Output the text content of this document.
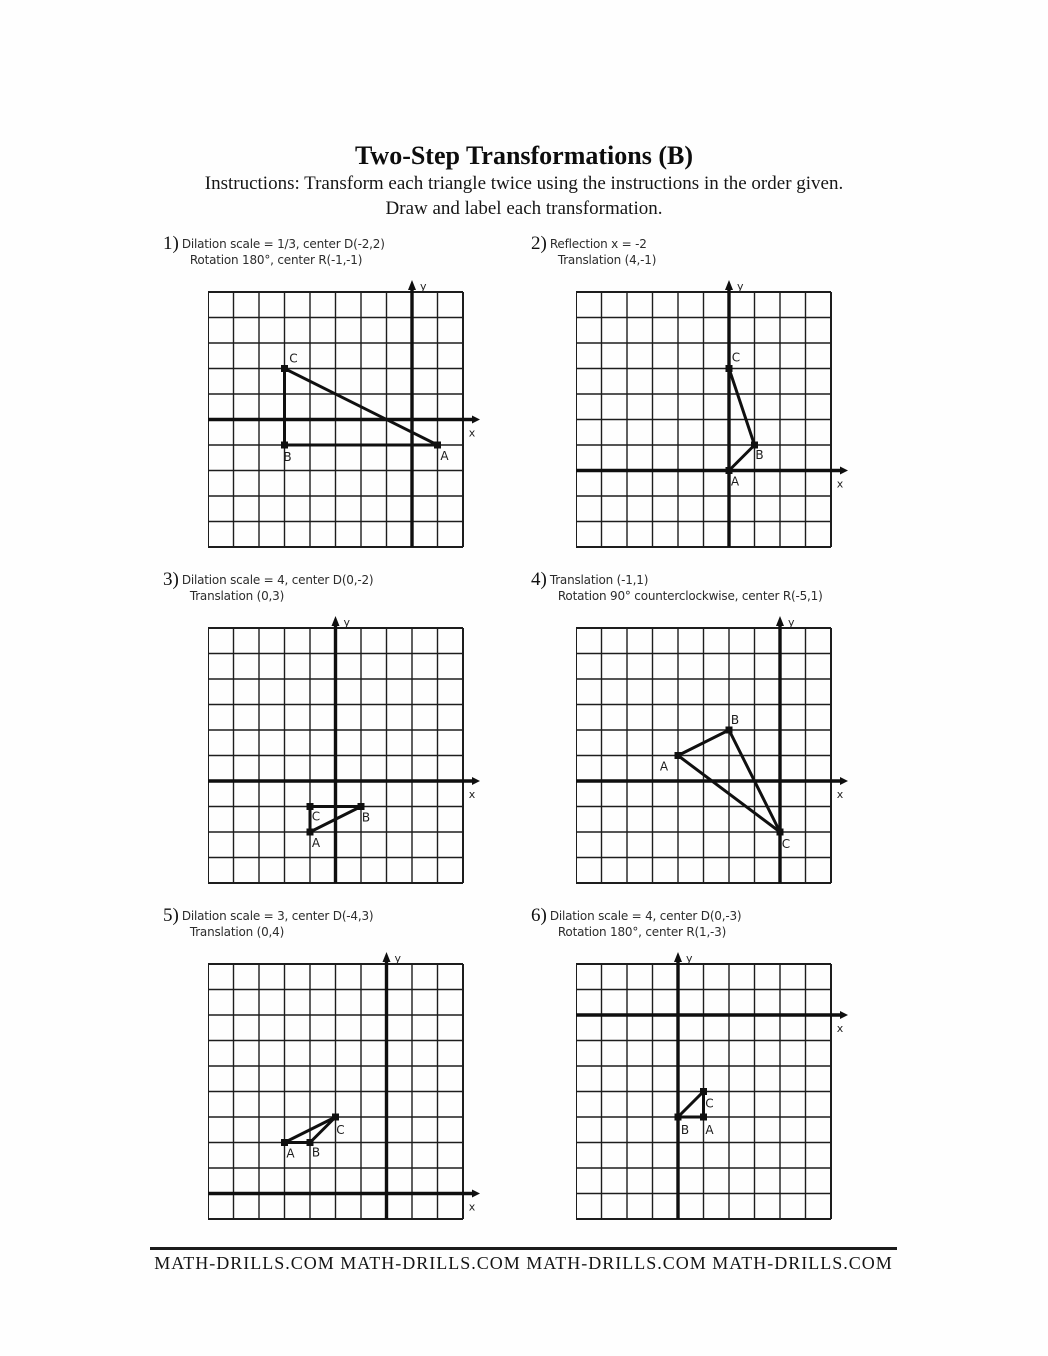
Two-Step Transformations (B)
Instructions: Transform each triangle twice using the instructions in the order given.
Draw and label each transformation.
1) Dilation scale = 1/3, center D(-2,2)
Rotation 180°, center R(-1,-1)
y
x
A
B
C
2) Reflection x = -2
Translation (4,-1)
y
x
A
B
C
3) Dilation scale = 4, center D(0,-2)
Translation (0,3)
y
x
A
B
C
4) Translation (-1,1)
Rotation 90° counterclockwise, center R(-5,1)
y
x
A
B
C
5) Dilation scale = 3, center D(-4,3)
Translation (0,4)
y
x
A B
C
6) Dilation scale = 4, center D(0,-3)
Rotation 180°, center R(1,-3)
y
x
A
B
C
MATH-DRILLS.COM MATH-DRILLS.COM MATH-DRILLS.COM MATH-DRILLS.COM
